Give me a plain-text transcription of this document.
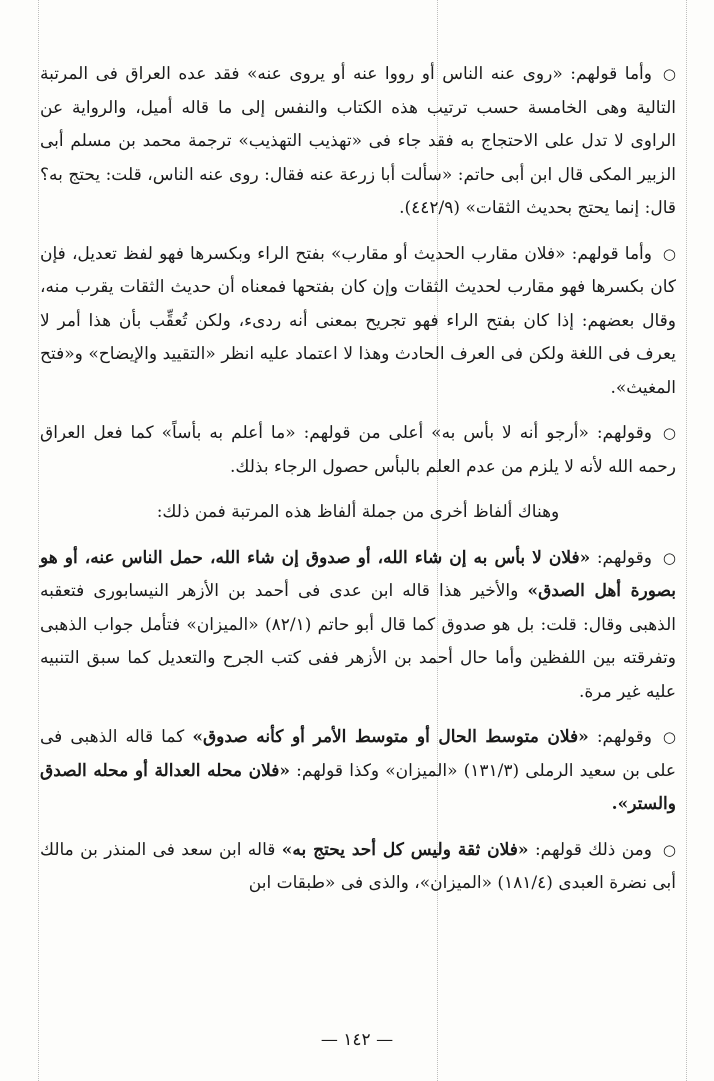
○وأما قولهم: «روى عنه الناس أو رووا عنه أو يروى عنه» فقد عده العراق فى المرتبة التالية وهى الخامسة حسب ترتيب هذه الكتاب والنفس إلى ما قاله أميل، والرواية عن الراوى لا تدل على الاحتجاج به فقد جاء فى «تهذيب التهذيب» ترجمة محمد بن مسلم أبى الزبير المكى قال ابن أبى حاتم: «سألت أبا زرعة عنه فقال: روى عنه الناس، قلت: يحتج به؟ قال: إنما يحتج بحديث الثقات» (٤٤٢/٩).

○وأما قولهم: «فلان مقارب الحديث أو مقارب» بفتح الراء وبكسرها فهو لفظ تعديل، فإن كان بكسرها فهو مقارب لحديث الثقات وإن كان بفتحها فمعناه أن حديث الثقات يقرب منه، وقال بعضهم: إذا كان بفتح الراء فهو تجريح بمعنى أنه ردىء، ولكن تُعقِّب بأن هذا أمر لا يعرف فى اللغة ولكن فى العرف الحادث وهذا لا اعتماد عليه انظر «التقييد والإيضاح» و«فتح المغيث».

○وقولهم: «أرجو أنه لا بأس به» أعلى من قولهم: «ما أعلم به بأساً» كما فعل العراق رحمه الله لأنه لا يلزم من عدم العلم بالبأس حصول الرجاء بذلك.

وهناك ألفاظ أخرى من جملة ألفاظ هذه المرتبة فمن ذلك:

○وقولهم: «فلان لا بأس به إن شاء الله، أو صدوق إن شاء الله، حمل الناس عنه، أو هو بصورة أهل الصدق» والأخير هذا قاله ابن عدى فى أحمد بن الأزهر النيسابورى فتعقبه الذهبى وقال: قلت: بل هو صدوق كما قال أبو حاتم (٨٢/١) «الميزان» فتأمل جواب الذهبى وتفرقته بين اللفظين وأما حال أحمد بن الأزهر ففى كتب الجرح والتعديل كما سبق التنبيه عليه غير مرة.

○وقولهم: «فلان متوسط الحال أو متوسط الأمر أو كأنه صدوق» كما قاله الذهبى فى على بن سعيد الرملى (١٣١/٣) «الميزان» وكذا قولهم: «فلان محله العدالة أو محله الصدق والستر».

○ومن ذلك قولهم: «فلان ثقة وليس كل أحد يحتج به» قاله ابن سعد فى المنذر بن مالك أبى نضرة العبدى (١٨١/٤) «الميزان»، والذى فى «طبقات ابن

— ١٤٢ —
